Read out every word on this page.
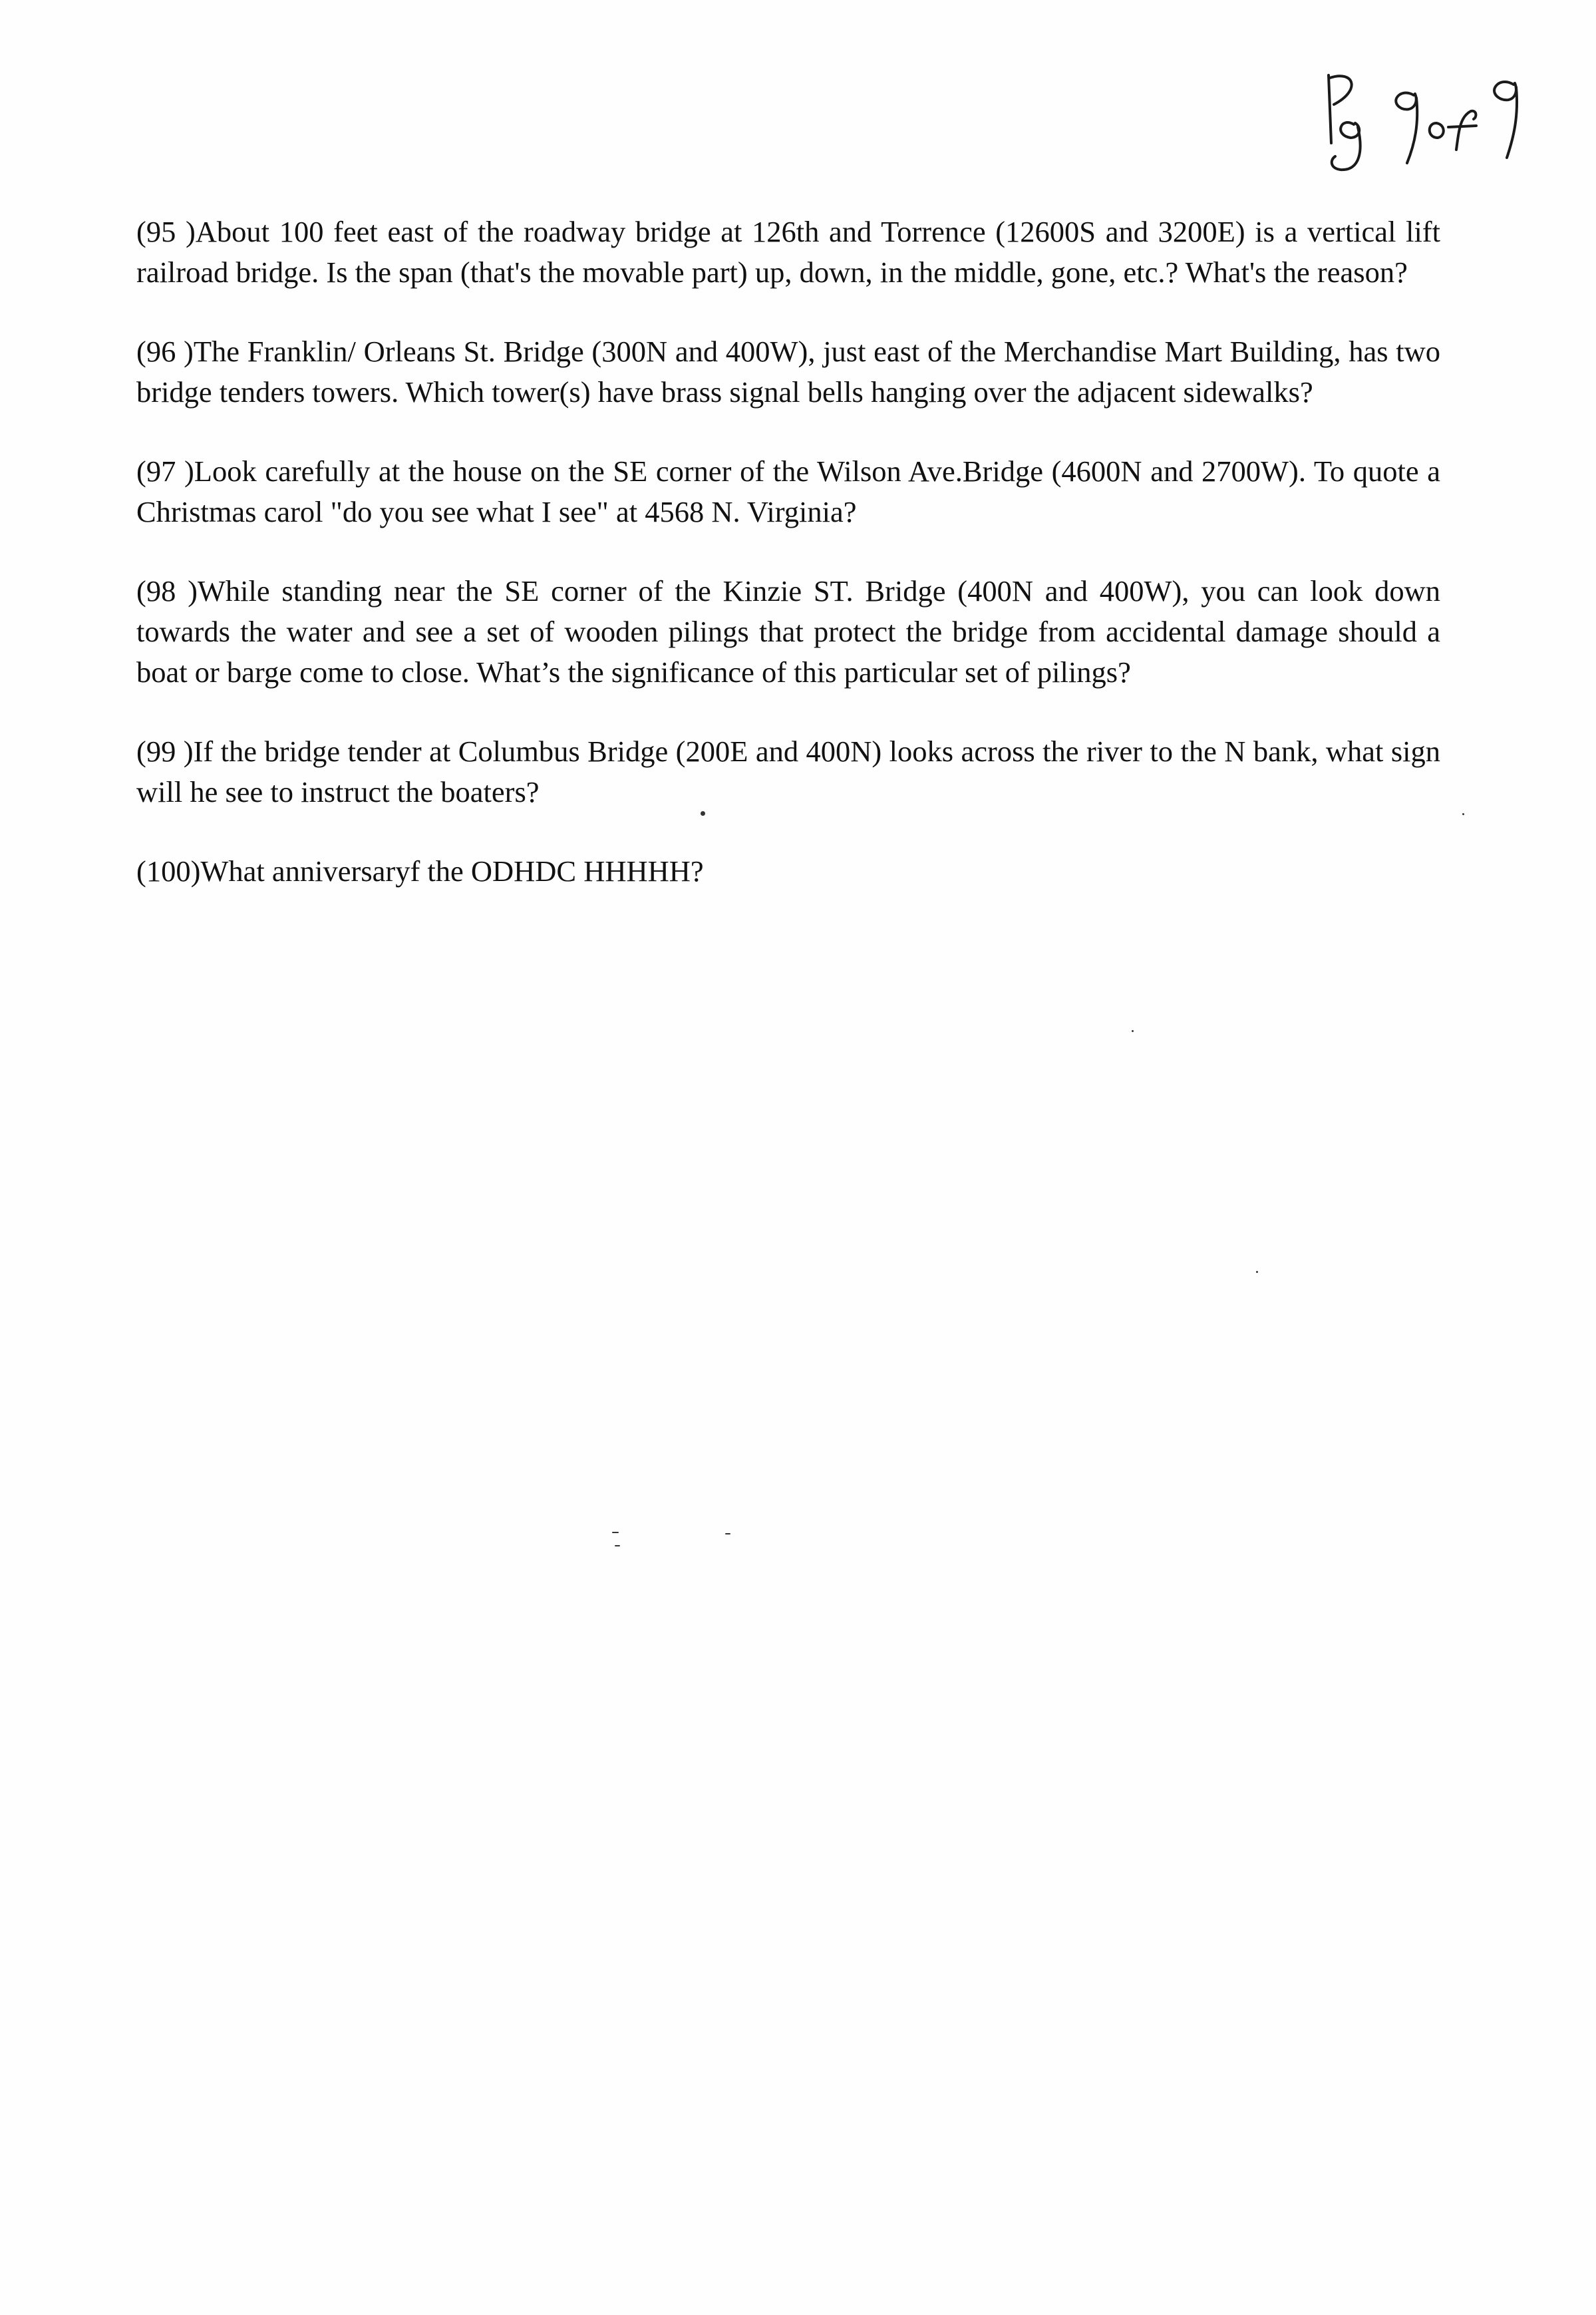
(95 )About 100 feet east of the roadway bridge at 126th and Torrence (12600S and 3200E) is a vertical lift railroad bridge. Is the span (that's the movable part) up, down, in the middle, gone, etc.? What's the reason?

(96 )The Franklin/ Orleans St. Bridge (300N and 400W), just east of the Merchandise Mart Building, has two bridge tenders towers. Which tower(s) have brass signal bells hanging over the adjacent sidewalks?

(97 )Look carefully at the house on the SE corner of the Wilson Ave.Bridge (4600N and 2700W). To quote a Christmas carol "do you see what I see" at 4568 N. Virginia?

(98 )While standing near the SE corner of the Kinzie ST. Bridge (400N and 400W), you can look down towards the water and see a set of wooden pilings that protect the bridge from accidental damage should a boat or barge come to close. What’s the significance of this particular set of pilings?

(99 )If the bridge tender at Columbus Bridge (200E and 400N) looks across the river to the N bank, what sign will he see to instruct the boaters?

(100)What anniversaryf the ODHDC HHHHH?
